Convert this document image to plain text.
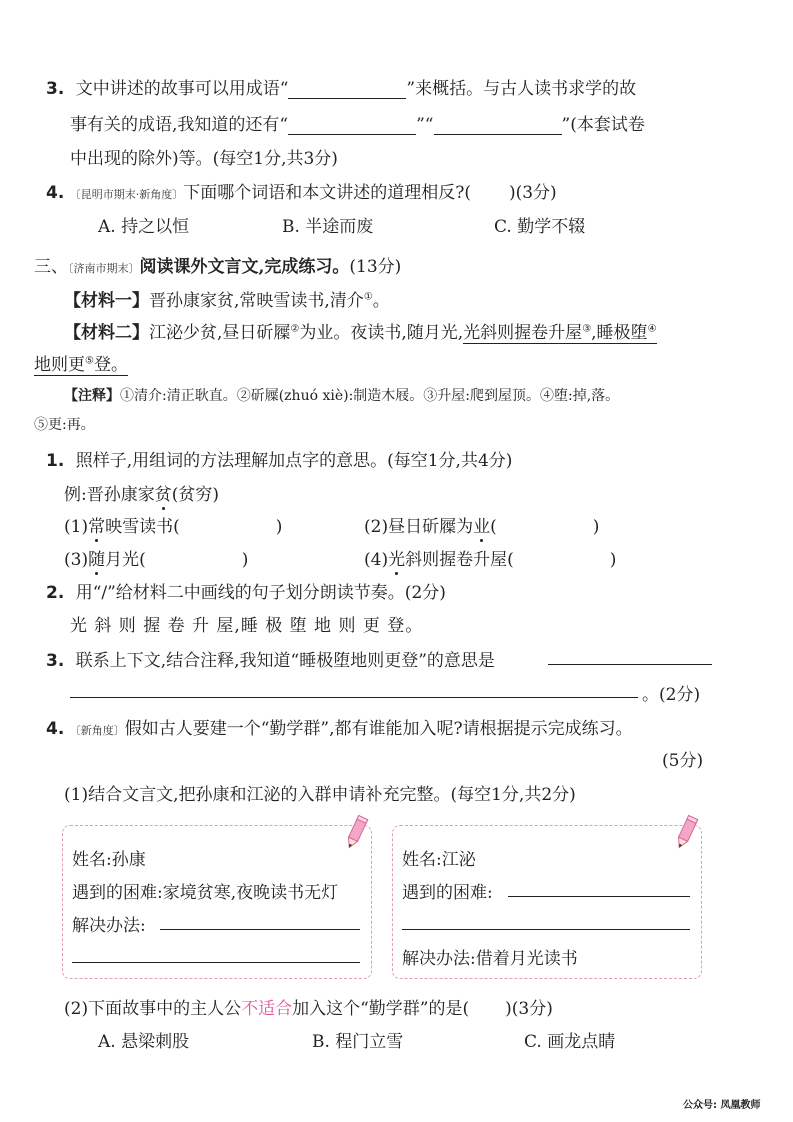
3. 文中讲述的故事可以用成语“	”来概括。与古人读书求学的故
事有关的成语,我知道的还有“	”“	”(本套试卷
中出现的除外)等。(每空1分,共3分)
4. 〔昆明市期末·新角度〕下面哪个词语和本文讲述的道理相反?( )(3分)
A. 持之以恒	B. 半途而废	C. 勤学不辍
三、〔济南市期末〕阅读课外文言文,完成练习。(13分)
【材料一】晋孙康家贫,常映雪读书,清介①。
【材料二】江泌少贫,昼日斫屧②为业。夜读书,随月光,光斜则握卷升屋③,睡极堕④
地则更⑤登。
【注释】①清介:清正耿直。②斫屧(zhuó xiè):制造木屐。③升屋:爬到屋顶。④堕:掉,落。
⑤更:再。
1. 照样子,用组词的方法理解加点字的意思。(每空1分,共4分)
例:晋孙康家贫(贫穷)
(1)常映雪读书(	)	(2)昼日斫屧为业(	)
(3)随月光(	)	(4)光斜则握卷升屋(	)
2. 用“/”给材料二中画线的句子划分朗读节奏。(2分)
光 斜 则 握 卷 升 屋,睡 极 堕 地 则 更 登。
3. 联系上下文,结合注释,我知道“睡极堕地则更登”的意思是
。(2分)
4. 〔新角度〕假如古人要建一个“勤学群”,都有谁能加入呢?请根据提示完成练习。
(5分)
(1)结合文言文,把孙康和江泌的入群申请补充完整。(每空1分,共2分)
姓名:孙康
遇到的困难:家境贫寒,夜晚读书无灯
解决办法:
姓名:江泌
遇到的困难:
解决办法:借着月光读书
(2)下面故事中的主人公不适合加入这个“勤学群”的是( )(3分)
A. 悬梁刺股	B. 程门立雪	C. 画龙点睛
公众号: 凤凰教师
